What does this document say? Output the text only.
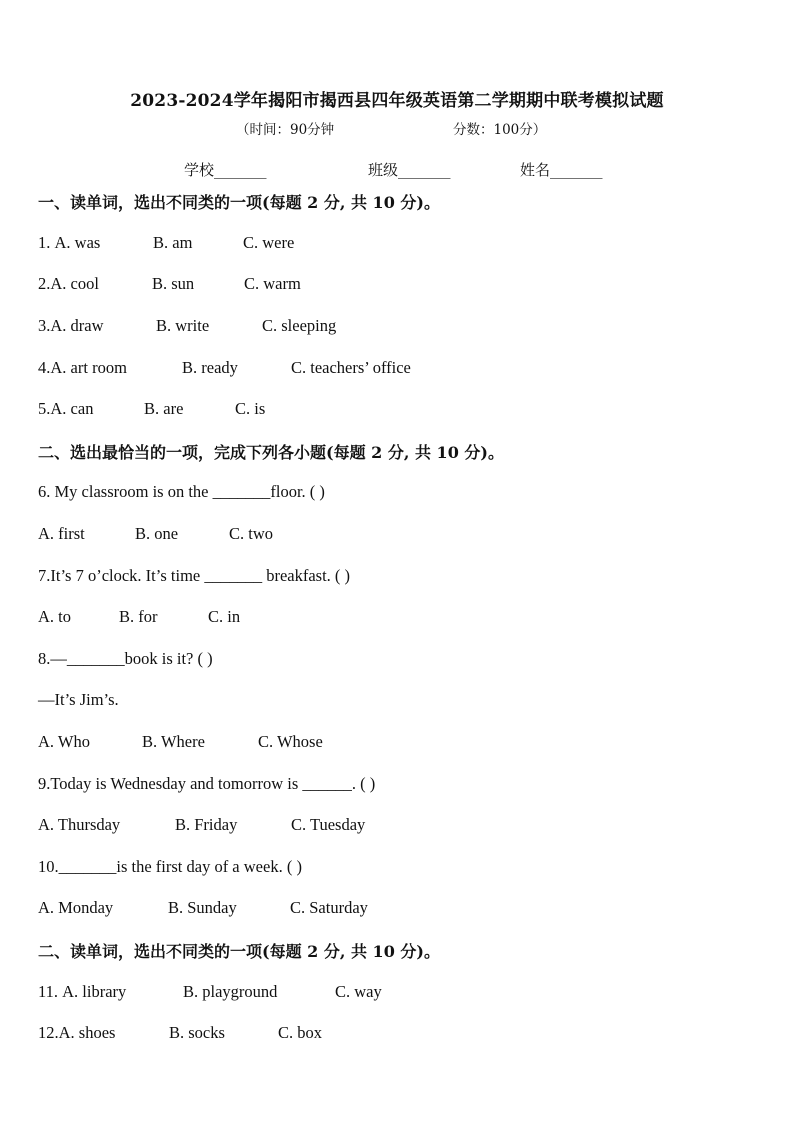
2023-2024学年揭阳市揭西县四年级英语第二学期期中联考模拟试题
（时间：90分钟	分数：100分）
学校_______	班级_______	姓名_______
一、读单词，选出不同类的一项(每题 2 分, 共 10 分)。
1. A. was	B. am	C. were
2.A. cool	B. sun	C. warm
3.A. draw	B. write	C. sleeping
4.A. art room	B. ready	C. teachers’ office
5.A. can	B. are	C. is
二、选出最恰当的一项，完成下列各小题(每题 2 分, 共 10 分)。
6. My classroom is on the _______floor. ( )
A. first	B. one	C. two
7.It’s 7 o’clock. It’s time _______ breakfast. ( )
A. to	B. for	C. in
8.—_______book is it? ( )
—It’s Jim’s.
A. Who	B. Where	C. Whose
9.Today is Wednesday and tomorrow is ______. ( )
A. Thursday	B. Friday	C. Tuesday
10._______is the first day of a week. ( )
A. Monday	B. Sunday	C. Saturday
二、读单词，选出不同类的一项(每题 2 分, 共 10 分)。
11. A. library	B. playground	C. way
12.A. shoes	B. socks	C. box
